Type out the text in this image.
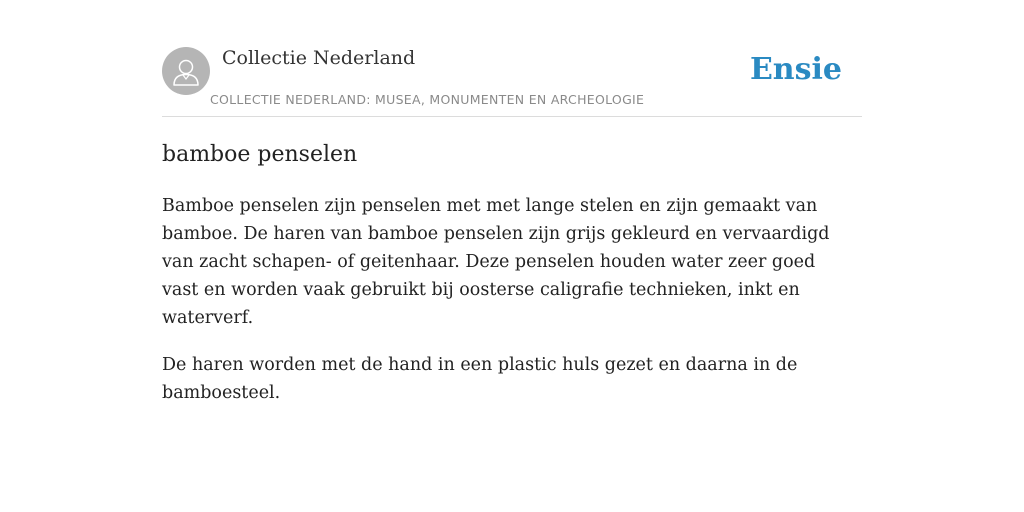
Collectie Nederland
COLLECTIE NEDERLAND: MUSEA, MONUMENTEN EN ARCHEOLOGIE
Ensie
bamboe penselen

Bamboe penselen zijn penselen met met lange stelen en zijn gemaakt van bamboe. De haren van bamboe penselen zijn grijs gekleurd en vervaardigd van zacht schapen- of geitenhaar. Deze penselen houden water zeer goed vast en worden vaak gebruikt bij oosterse caligrafie technieken, inkt en waterverf.

De haren worden met de hand in een plastic huls gezet en daarna in de bamboesteel.
